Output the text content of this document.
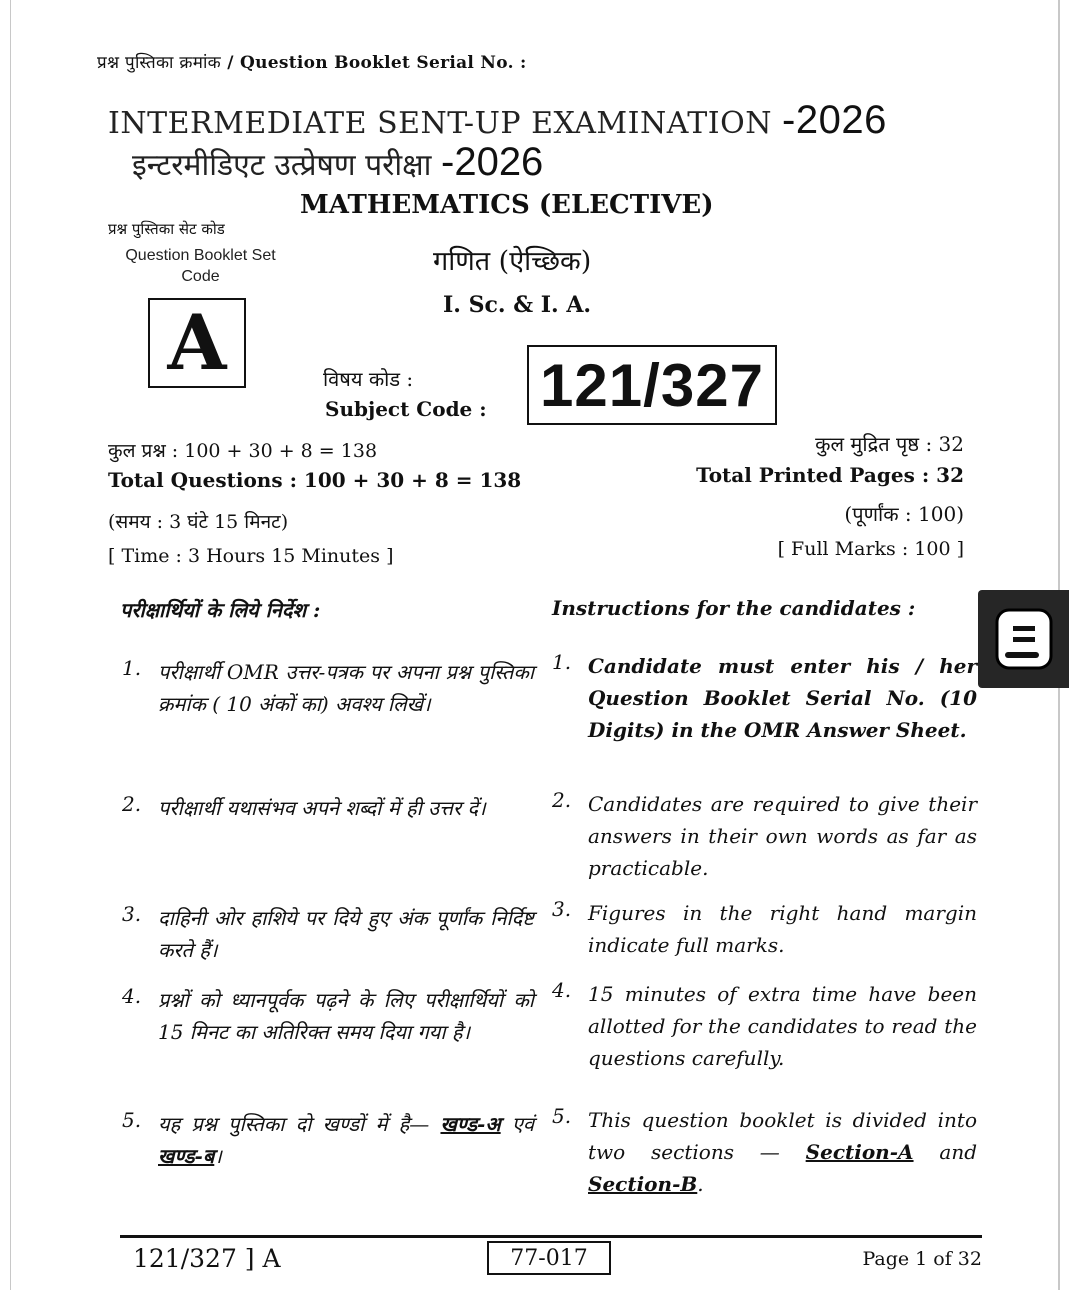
प्रश्न पुस्तिका क्रमांक / Question Booklet Serial No. :
INTERMEDIATE SENT-UP EXAMINATION -2026
इन्टरमीडिएट उत्प्रेषण परीक्षा -2026
MATHEMATICS (ELECTIVE)
गणित (ऐच्छिक)
I. Sc. & I. A.
प्रश्न पुस्तिका सेट कोड
Question Booklet Set Code
A	विषय कोड :
Subject Code : 121/327
कुल प्रश्न : 100 + 30 + 8 = 138
Total Questions : 100 + 30 + 8 = 138
(समय : 3 घंटे 15 मिनट)
[ Time : 3 Hours 15 Minutes ]
कुल मुद्रित पृष्ठ : 32
Total Printed Pages : 32
(पूर्णांक : 100)
[ Full Marks : 100 ]
परीक्षार्थियों के लिये निर्देश :	Instructions for the candidates :
1. परीक्षार्थी OMR उत्तर-पत्रक पर अपना प्रश्न पुस्तिका क्रमांक ( 10 अंकों का) अवश्य लिखें।
2. परीक्षार्थी यथासंभव अपने शब्दों में ही उत्तर दें।
3. दाहिनी ओर हाशिये पर दिये हुए अंक पूर्णांक निर्दिष्ट करते हैं।
4. प्रश्नों को ध्यानपूर्वक पढ़ने के लिए परीक्षार्थियों को 15 मिनट का अतिरिक्त समय दिया गया है।
5. यह प्रश्न पुस्तिका दो खण्डों में है— खण्ड-अ एवं खण्ड-ब।
1. Candidate must enter his / her Question Booklet Serial No. (10 Digits) in the OMR Answer Sheet.
2. Candidates are required to give their answers in their own words as far as practicable.
3. Figures in the right hand margin indicate full marks.
4. 15 minutes of extra time have been allotted for the candidates to read the questions carefully.
5. This question booklet is divided into two sections — Section-A and Section-B.
121/327 ] A	77-017	Page 1 of 32
